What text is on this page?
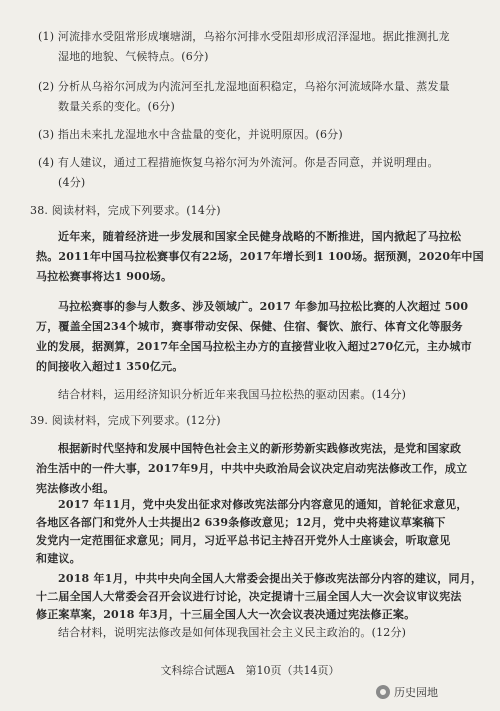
(1) 河流排水受阻常形成壤塘湖，乌裕尔河排水受阻却形成沼泽湿地。据此推测扎龙
湿地的地貌、气候特点。(6分)
(2) 分析从乌裕尔河成为内流河至扎龙湿地面积稳定，乌裕尔河流域降水量、蒸发量
数量关系的变化。(6分)
(3) 指出未来扎龙湿地水中含盐量的变化，并说明原因。(6分)
(4) 有人建议，通过工程措施恢复乌裕尔河为外流河。你是否同意，并说明理由。
(4分)
38. 阅读材料，完成下列要求。(14分)
近年来，随着经济进一步发展和国家全民健身战略的不断推进，国内掀起了马拉松
热。2011年中国马拉松赛事仅有22场，2017年增长到1 100场。据预测，2020年中国
马拉松赛事将达1 900场。
马拉松赛事的参与人数多、涉及领域广。2017 年参加马拉松比赛的人次超过 500
万，覆盖全国234个城市，赛事带动安保、保健、住宿、餐饮、旅行、体育文化等服务
业的发展，据测算，2017年全国马拉松主办方的直接营业收入超过270亿元，主办城市
的间接收入超过1 350亿元。
结合材料，运用经济知识分析近年来我国马拉松热的驱动因素。(14分)
39. 阅读材料，完成下列要求。(12分)
根据新时代坚持和发展中国特色社会主义的新形势新实践修改宪法，是党和国家政
治生活中的一件大事，2017年9月，中共中央政治局会议决定启动宪法修改工作，成立
宪法修改小组。
2017 年11月，党中央发出征求对修改宪法部分内容意见的通知，首轮征求意见，
各地区各部门和党外人士共提出2 639条修改意见；12月，党中央将建议草案稿下
发党内一定范围征求意见；同月，习近平总书记主持召开党外人士座谈会，听取意见
和建议。
2018 年1月，中共中央向全国人大常委会提出关于修改宪法部分内容的建议，同月，
十二届全国人大常委会召开会议进行讨论，决定提请十三届全国人大一次会议审议宪法
修正案草案，2018 年3月，十三届全国人大一次会议表决通过宪法修正案。
结合材料，说明宪法修改是如何体现我国社会主义民主政治的。(12分)
文科综合试题A　第10页（共14页）
历史园地
